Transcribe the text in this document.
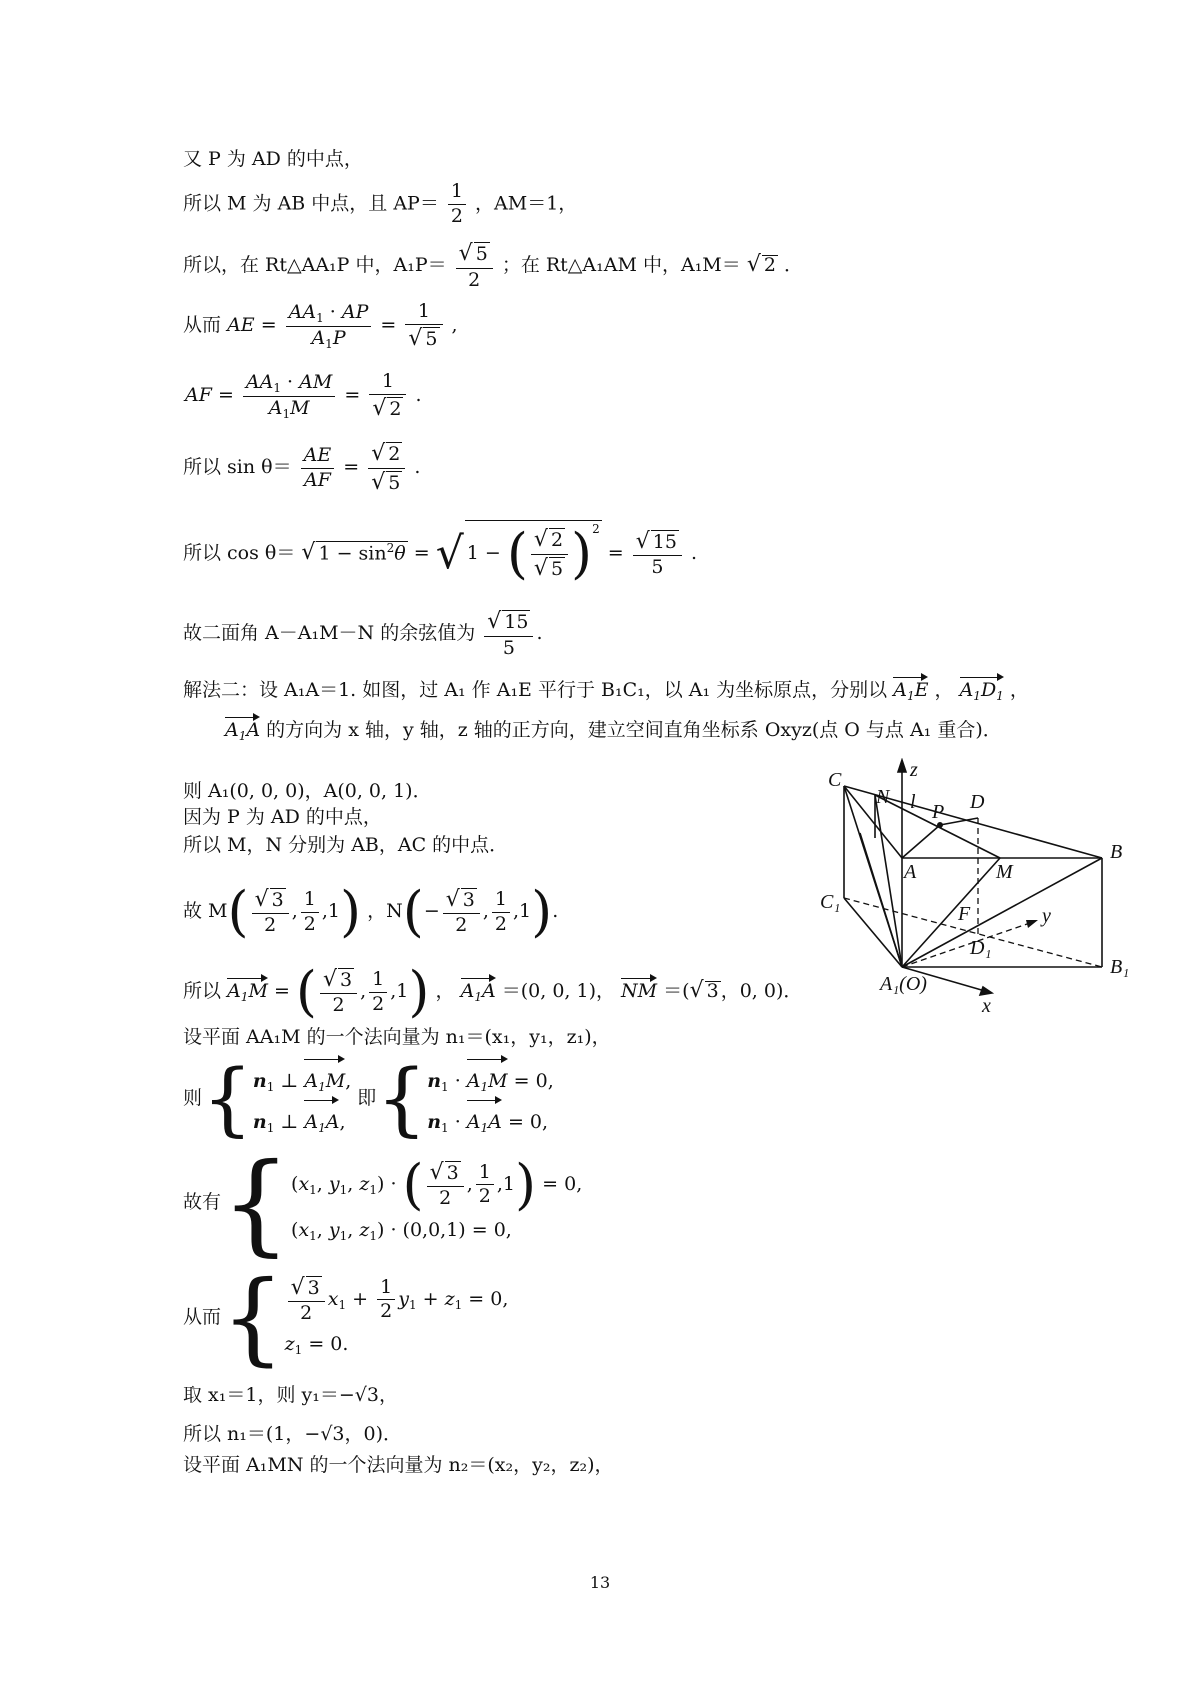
又 P 为 AD 的中点，
所以 M 为 AB 中点，且 $AP= \frac{1}{2}$ ，AM＝1，
所以，在 Rt△AA₁P 中，$A_1P= \frac{√ 5}{2}$ ；在 Rt△A₁AM 中，A₁M＝ √ 2 ．
从而 AE = $\frac{AA_1 \cdot AP}{A_1P} = \frac{1}{√ 5}$ ,
AF = $\frac{AA_1 \cdot AM}{A_1M} = \frac{1}{√ 2}$ .
所以 $\sin \theta= \frac{AE}{AF} = \frac{√ 2}{√ 5}$ .
所以 cos θ＝ √ $1 - \sin^2\theta$ = √ 1 − ( $\frac{√ 2}{√ 5} )^2 = \frac{√ 15}{5}$ .
故二面角 A－A₁M－N 的余弦值为 $\frac{√ 15}{5}$ .
解法二：设 A₁A＝1. 如图，过 A₁ 作 A₁E 平行于 B₁C₁，以 A₁ 为坐标原点，分别以 $A_1E$ ， $A_1D_1$ ，
$A_1A$ 的方向为 x 轴，y 轴，z 轴的正方向，建立空间直角坐标系 Oxyz(点 O 与点 A₁ 重合)．
则 A₁(0, 0, 0)，A(0, 0, 1)．
因为 P 为 AD 的中点，
所以 M，N 分别为 AB，AC 的中点．
故 $M( \frac{√ 3}{2}$ , $\frac{1}{2} ,1$) ，$N(- \frac{√ 3}{2}$ , $\frac{1}{2} ,1$).
所以 $A_1M$ = ( $\frac{√ 3}{2}$ , $\frac{1}{2} ,1$) ， $A_1A =(0$, 0, 1)， NM ＝(√ 3 ，0, 0)．
设平面 AA₁M 的一个法向量为 n₁＝(x₁，y₁，z₁)，
则{ $n_1$ ⊥ $A_1M$,
$n_1$ ⊥ $A_1A$,
即{ $n_1 \cdot A_1M = 0$,
$n_1 \cdot A_1A = 0$,
故有{ ($x_1$, $y_1$, $z_1$) · ( $\frac{√ 3}{2}$ , $\frac{1}{2} ,1) = 0$,
($x_1$, $y_1$, $z_1) \cdot (0,0,1) = 0$,
从而{ $\frac{√ 3}{2} x_1 + \frac{1}{2} y_1 + z_1 = 0$,
$z_1 = 0$.
取 x₁＝1，则 y₁＝−√3，
所以 n₁＝(1，−√3，0)．
设平面 A₁MN 的一个法向量为 n₂＝(x₂，y₂，z₂)，
C	z
N l	D
P
B
A	M
C₁
F	y
D₁
B₁
A₁(O)
x
13
